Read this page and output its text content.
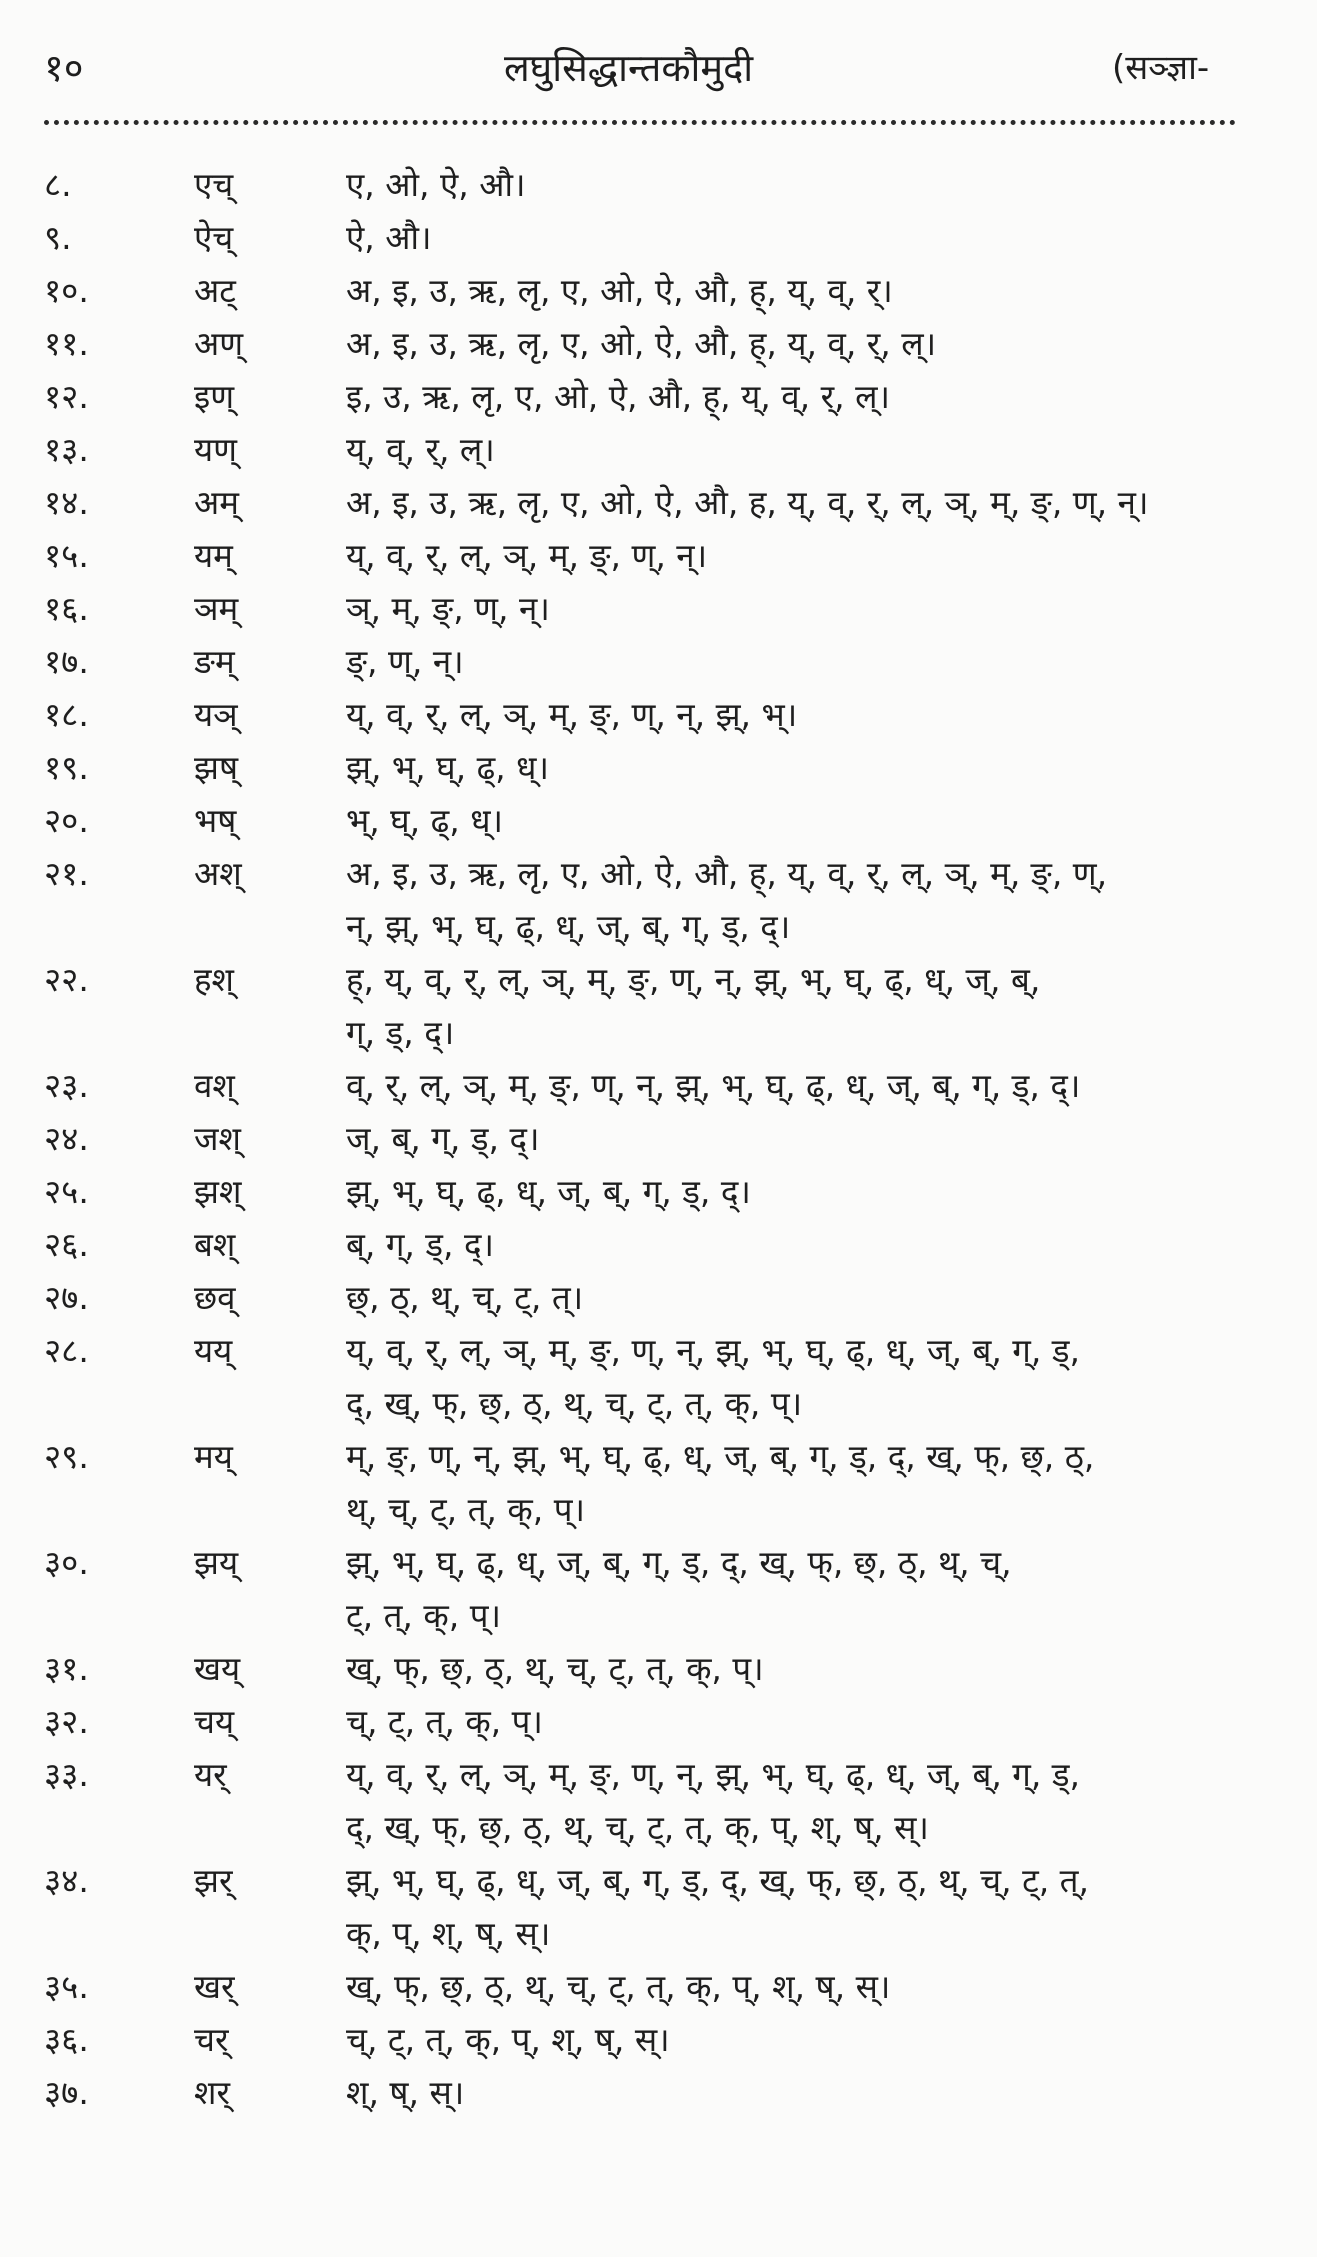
१०	लघुसिद्धान्तकौमुदी	(सञ्ज्ञा-
८.	एच्	ए, ओ, ऐ, औ।
९.	ऐच्	ऐ, औ।
१०.	अट्	अ, इ, उ, ऋ, लृ, ए, ओ, ऐ, औ, ह्, य्, व्, र्।
११.	अण्	अ, इ, उ, ऋ, लृ, ए, ओ, ऐ, औ, ह्, य्, व्, र्, ल्।
१२.	इण्	इ, उ, ऋ, लृ, ए, ओ, ऐ, औ, ह्, य्, व्, र्, ल्।
१३.	यण्	य्, व्, र्, ल्।
१४.	अम्	अ, इ, उ, ऋ, लृ, ए, ओ, ऐ, औ, ह, य्, व्, र्, ल्, ञ्, म्, ङ्, ण्, न्।
१५.	यम्	य्, व्, र्, ल्, ञ्, म्, ङ्, ण्, न्।
१६.	ञम्	ञ्, म्, ङ्, ण्, न्।
१७.	ङम्	ङ्, ण्, न्।
१८.	यञ्	य्, व्, र्, ल्, ञ्, म्, ङ्, ण्, न्, झ्, भ्।
१९.	झष्	झ्, भ्, घ्, ढ्, ध्।
२०.	भष्	भ्, घ्, ढ्, ध्।
२१.	अश्	अ, इ, उ, ऋ, लृ, ए, ओ, ऐ, औ, ह्, य्, व्, र्, ल्, ञ्, म्, ङ्, ण्,
न्, झ्, भ्, घ्, ढ्, ध्, ज्, ब्, ग्, ड्, द्।
२२.	हश्	ह्, य्, व्, र्, ल्, ञ्, म्, ङ्, ण्, न्, झ्, भ्, घ्, ढ्, ध्, ज्, ब्,
ग्, ड्, द्।
२३.	वश्	व्, र्, ल्, ञ्, म्, ङ्, ण्, न्, झ्, भ्, घ्, ढ्, ध्, ज्, ब्, ग्, ड्, द्।
२४.	जश्	ज्, ब्, ग्, ड्, द्।
२५.	झश्	झ्, भ्, घ्, ढ्, ध्, ज्, ब्, ग्, ड्, द्।
२६.	बश्	ब्, ग्, ड्, द्।
२७.	छव्	छ्, ठ्, थ्, च्, ट्, त्।
२८.	यय्	य्, व्, र्, ल्, ञ्, म्, ङ्, ण्, न्, झ्, भ्, घ्, ढ्, ध्, ज्, ब्, ग्, ड्,
द्, ख्, फ्, छ्, ठ्, थ्, च्, ट्, त्, क्, प्।
२९.	मय्	म्, ङ्, ण्, न्, झ्, भ्, घ्, ढ्, ध्, ज्, ब्, ग्, ड्, द्, ख्, फ्, छ्, ठ्,
थ्, च्, ट्, त्, क्, प्।
३०.	झय्	झ्, भ्, घ्, ढ्, ध्, ज्, ब्, ग्, ड्, द्, ख्, फ्, छ्, ठ्, थ्, च्,
ट्, त्, क्, प्।
३१.	खय्	ख्, फ्, छ्, ठ्, थ्, च्, ट्, त्, क्, प्।
३२.	चय्	च्, ट्, त्, क्, प्।
३३.	यर्	य्, व्, र्, ल्, ञ्, म्, ङ्, ण्, न्, झ्, भ्, घ्, ढ्, ध्, ज्, ब्, ग्, ड्,
द्, ख्, फ्, छ्, ठ्, थ्, च्, ट्, त्, क्, प्, श्, ष्, स्।
३४.	झर्	झ्, भ्, घ्, ढ्, ध्, ज्, ब्, ग्, ड्, द्, ख्, फ्, छ्, ठ्, थ्, च्, ट्, त्,
क्, प्, श्, ष्, स्।
३५.	खर्	ख्, फ्, छ्, ठ्, थ्, च्, ट्, त्, क्, प्, श्, ष्, स्।
३६.	चर्	च्, ट्, त्, क्, प्, श्, ष्, स्।
३७.	शर्	श्, ष्, स्।
